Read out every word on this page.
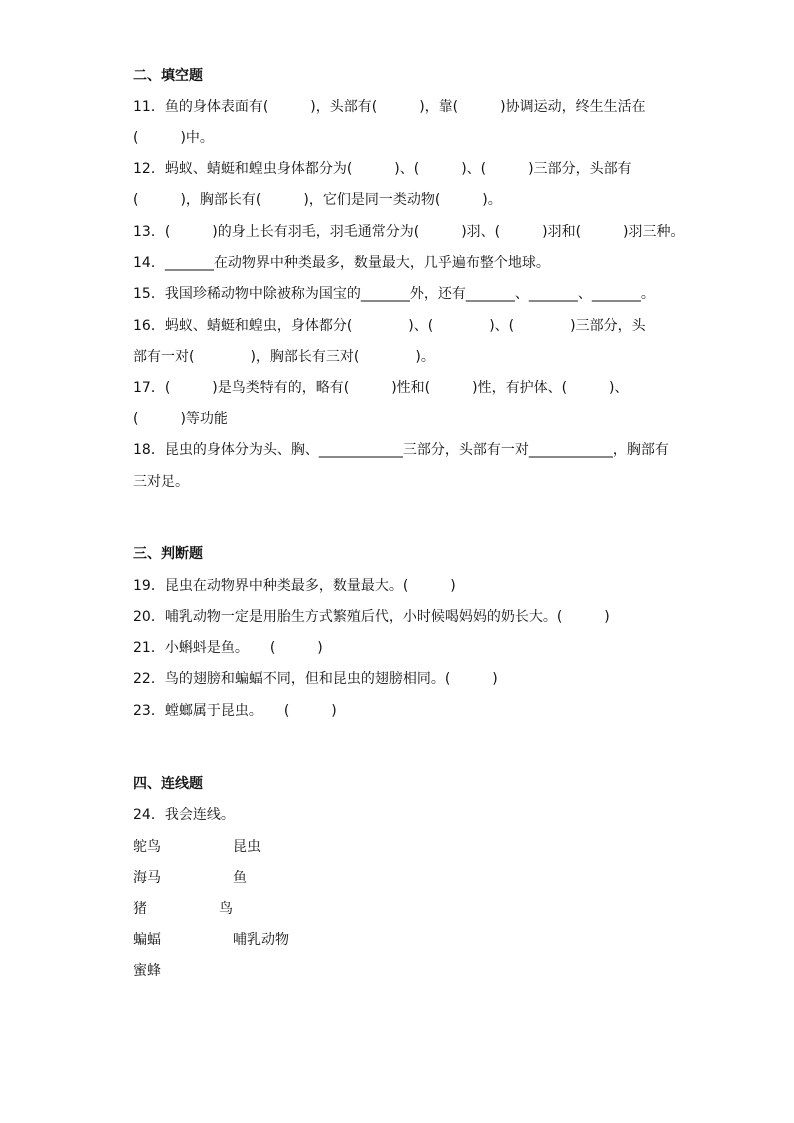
二、填空题
11．鱼的身体表面有(　　　)，头部有(　　　)，靠(　　　)协调运动，终生生活在
(　　　)中。
12．蚂蚁、蜻蜓和蝗虫身体都分为(　　　)、(　　　)、(　　　)三部分，头部有
(　　　)，胸部长有(　　　)，它们是同一类动物(　　　)。
13．(　　　)的身上长有羽毛，羽毛通常分为(　　　)羽、(　　　)羽和(　　　)羽三种。
14．_______在动物界中种类最多，数量最大，几乎遍布整个地球。
15．我国珍稀动物中除被称为国宝的_______外，还有_______、_______、_______。
16．蚂蚁、蜻蜓和蝗虫，身体都分(　　　　)、(　　　　)、(　　　　)三部分，头
部有一对(　　　　)，胸部长有三对(　　　　)。
17．(　　　)是鸟类特有的，略有(　　　)性和(　　　)性，有护体、(　　　)、
(　　　)等功能
18．昆虫的身体分为头、胸、____________三部分，头部有一对____________，胸部有
三对足。
三、判断题
19．昆虫在动物界中种类最多，数量最大。(　　　)
20．哺乳动物一定是用胎生方式繁殖后代，小时候喝妈妈的奶长大。(　　　)
21．小蝌蚪是鱼。　　(　　　)
22．鸟的翅膀和蝙蝠不同，但和昆虫的翅膀相同。(　　　)
23．螳螂属于昆虫。　　(　　　)
四、连线题
24．我会连线。
鸵鸟
海马
猪
蝙蝠
蜜蜂
昆虫
鱼
鸟
哺乳动物
